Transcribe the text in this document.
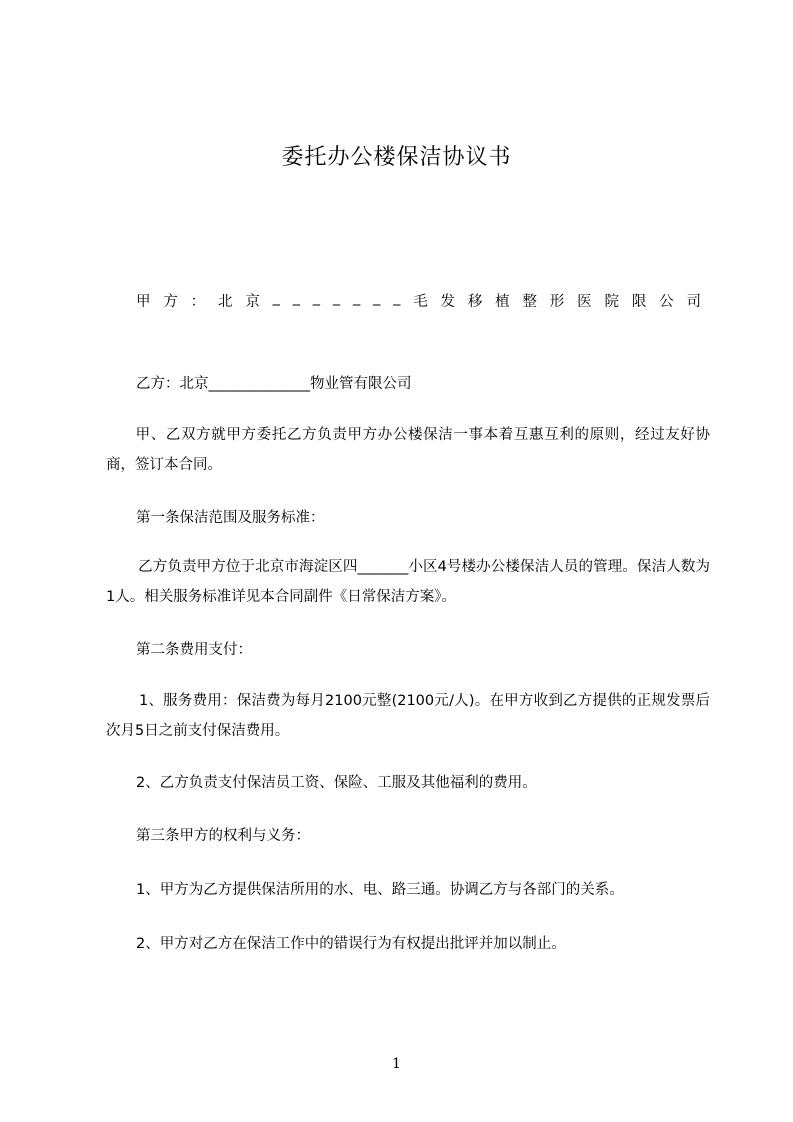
委托办公楼保洁协议书
甲 方 ： 北 京 _ _ _ _ _ _ _ 毛 发 移 植 整 形 医 院 限 公 司
乙方：北京______________物业管有限公司
甲、乙双方就甲方委托乙方负责甲方办公楼保洁一事本着互惠互利的原则，经过友好协商，签订本合同。
第一条保洁范围及服务标准：
乙方负责甲方位于北京市海淀区四_______小区4号楼办公楼保洁人员的管理。保洁人数为1人。相关服务标准详见本合同副件《日常保洁方案》。
第二条费用支付：
1、服务费用：保洁费为每月2100元整(2100元/人)。在甲方收到乙方提供的正规发票后次月5日之前支付保洁费用。
2、乙方负责支付保洁员工资、保险、工服及其他福利的费用。
第三条甲方的权利与义务：
1、甲方为乙方提供保洁所用的水、电、路三通。协调乙方与各部门的关系。
2、甲方对乙方在保洁工作中的错误行为有权提出批评并加以制止。
1
